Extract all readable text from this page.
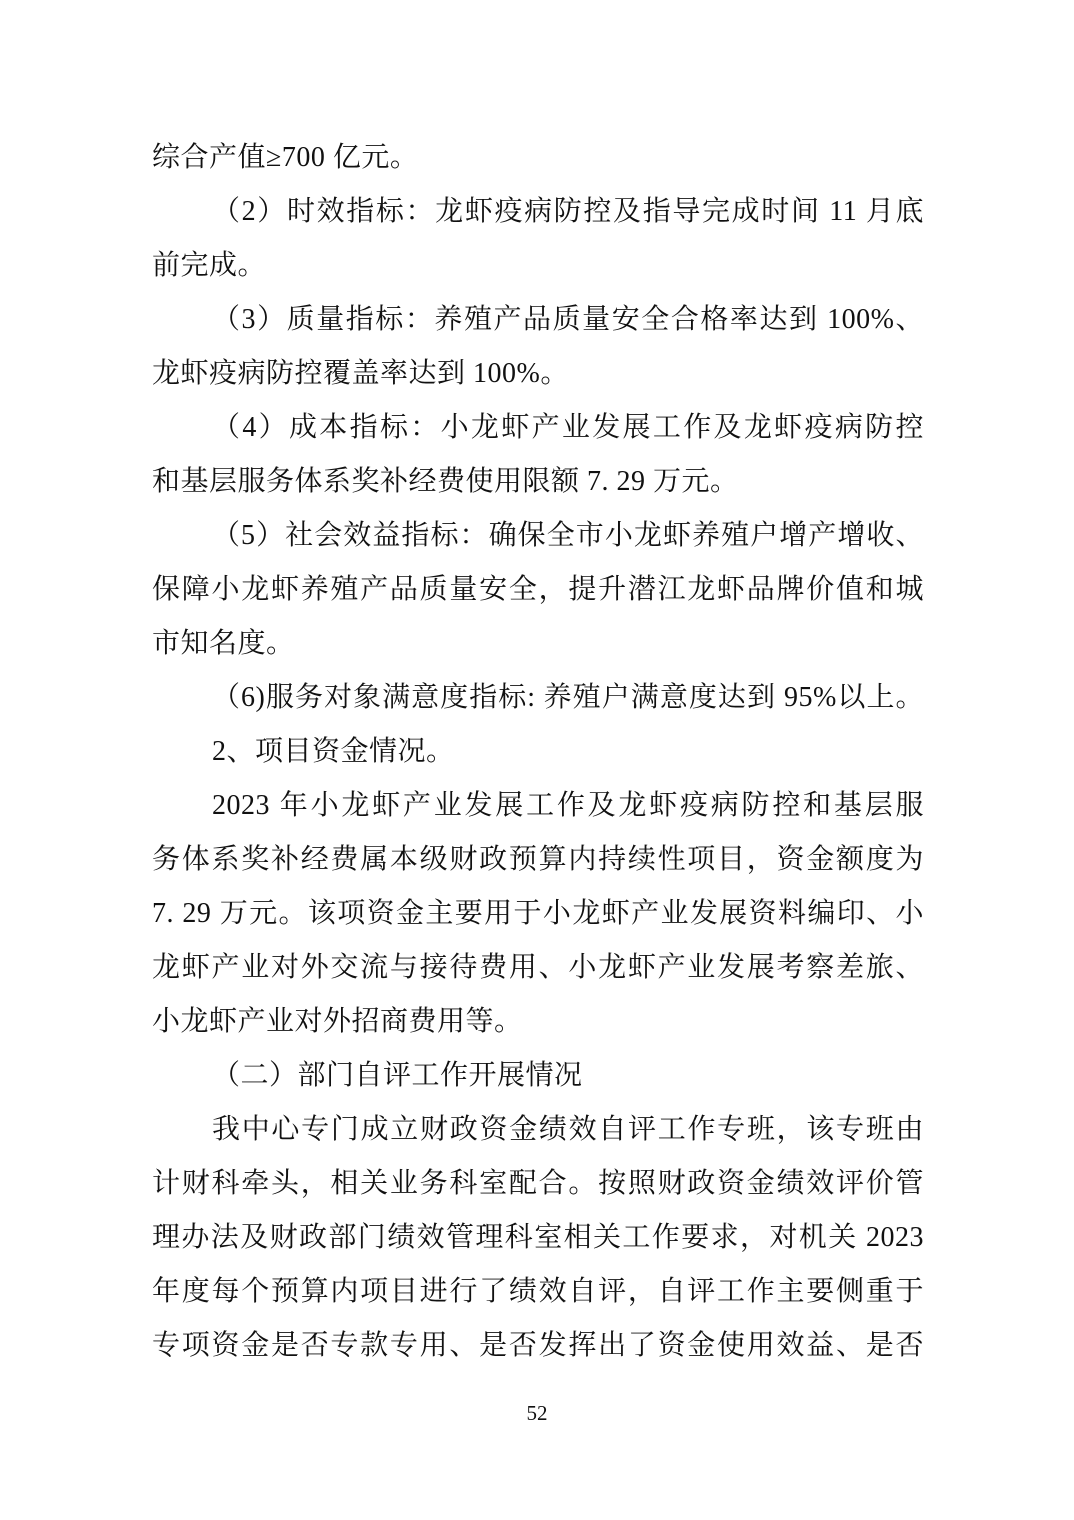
综合产值≥700 亿元。
（2）时效指标：龙虾疫病防控及指导完成时间 11 月底
前完成。
（3）质量指标：养殖产品质量安全合格率达到 100%、
龙虾疫病防控覆盖率达到 100%。
（4）成本指标：小龙虾产业发展工作及龙虾疫病防控
和基层服务体系奖补经费使用限额 7. 29 万元。
（5）社会效益指标：确保全市小龙虾养殖户增产增收、
保障小龙虾养殖产品质量安全，提升潜江龙虾品牌价值和城
市知名度。
（6)服务对象满意度指标: 养殖户满意度达到 95%以上。
2、项目资金情况。
2023 年小龙虾产业发展工作及龙虾疫病防控和基层服
务体系奖补经费属本级财政预算内持续性项目，资金额度为
7. 29 万元。该项资金主要用于小龙虾产业发展资料编印、小
龙虾产业对外交流与接待费用、小龙虾产业发展考察差旅、
小龙虾产业对外招商费用等。
（二）部门自评工作开展情况
我中心专门成立财政资金绩效自评工作专班，该专班由
计财科牵头，相关业务科室配合。按照财政资金绩效评价管
理办法及财政部门绩效管理科室相关工作要求，对机关 2023
年度每个预算内项目进行了绩效自评，自评工作主要侧重于
专项资金是否专款专用、是否发挥出了资金使用效益、是否
52
